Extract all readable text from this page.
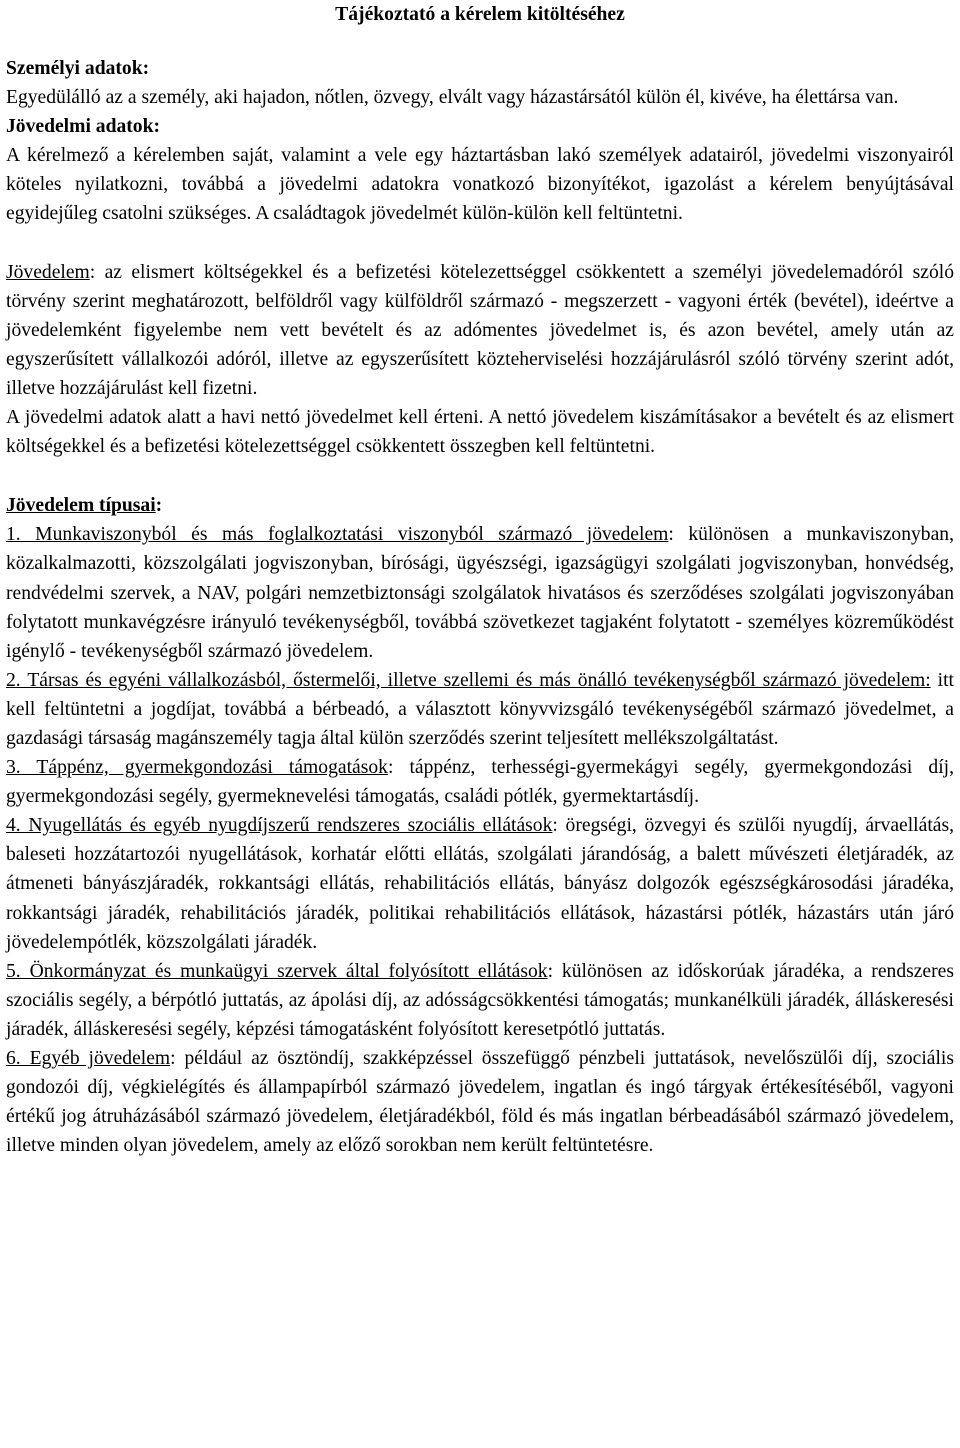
Tájékoztató a kérelem kitöltéséhez
Személyi adatok:

Egyedülálló az a személy, aki hajadon, nőtlen, özvegy, elvált vagy házastársától külön él, kivéve, ha élettársa van.

Jövedelmi adatok:

A kérelmező a kérelemben saját, valamint a vele egy háztartásban lakó személyek adatairól, jövedelmi viszonyairól köteles nyilatkozni, továbbá a jövedelmi adatokra vonatkozó bizonyítékot, igazolást a kérelem benyújtásával egyidejűleg csatolni szükséges. A családtagok jövedelmét külön-külön kell feltüntetni.

Jövedelem: az elismert költségekkel és a befizetési kötelezettséggel csökkentett a személyi jövedelemadóról szóló törvény szerint meghatározott, belföldről vagy külföldről származó - megszerzett - vagyoni érték (bevétel), ideértve a jövedelemként figyelembe nem vett bevételt és az adómentes jövedelmet is, és azon bevétel, amely után az egyszerűsített vállalkozói adóról, illetve az egyszerűsített közteherviselési hozzájárulásról szóló törvény szerint adót, illetve hozzájárulást kell fizetni.

A jövedelmi adatok alatt a havi nettó jövedelmet kell érteni. A nettó jövedelem kiszámításakor a bevételt és az elismert költségekkel és a befizetési kötelezettséggel csökkentett összegben kell feltüntetni.

Jövedelem típusai:

1. Munkaviszonyból és más foglalkoztatási viszonyból származó jövedelem: különösen a munkaviszonyban, közalkalmazotti, közszolgálati jogviszonyban, bírósági, ügyészségi, igazságügyi szolgálati jogviszonyban, honvédség, rendvédelmi szervek, a NAV, polgári nemzetbiztonsági szolgálatok hivatásos és szerződéses szolgálati jogviszonyában folytatott munkavégzésre irányuló tevékenységből, továbbá szövetkezet tagjaként folytatott - személyes közreműködést igénylő - tevékenységből származó jövedelem.

2. Társas és egyéni vállalkozásból, őstermelői, illetve szellemi és más önálló tevékenységből származó jövedelem: itt kell feltüntetni a jogdíjat, továbbá a bérbeadó, a választott könyvvizsgáló tevékenységéből származó jövedelmet, a gazdasági társaság magánszemély tagja által külön szerződés szerint teljesített mellékszolgáltatást.

3. Táppénz, gyermekgondozási támogatások: táppénz, terhességi-gyermekágyi segély, gyermekgondozási díj, gyermekgondozási segély, gyermeknevelési támogatás, családi pótlék, gyermektartásdíj.

4. Nyugellátás és egyéb nyugdíjszerű rendszeres szociális ellátások: öregségi, özvegyi és szülői nyugdíj, árvaellátás, baleseti hozzátartozói nyugellátások, korhatár előtti ellátás, szolgálati járandóság, a balett művészeti életjáradék, az átmeneti bányászjáradék, rokkantsági ellátás, rehabilitációs ellátás, bányász dolgozók egészségkárosodási járadéka, rokkantsági járadék, rehabilitációs járadék, politikai rehabilitációs ellátások, házastársi pótlék, házastárs után járó jövedelempótlék, közszolgálati járadék.

5. Önkormányzat és munkaügyi szervek által folyósított ellátások: különösen az időskorúak járadéka, a rendszeres szociális segély, a bérpótló juttatás, az ápolási díj, az adósságcsökkentési támogatás; munkanélküli járadék, álláskeresési járadék, álláskeresési segély, képzési támogatásként folyósított keresetpótló juttatás.

6. Egyéb jövedelem: például az ösztöndíj, szakképzéssel összefüggő pénzbeli juttatások, nevelőszülői díj, szociális gondozói díj, végkielégítés és állampapírból származó jövedelem, ingatlan és ingó tárgyak értékesítéséből, vagyoni értékű jog átruházásából származó jövedelem, életjáradékból, föld és más ingatlan bérbeadásából származó jövedelem, illetve minden olyan jövedelem, amely az előző sorokban nem került feltüntetésre.
